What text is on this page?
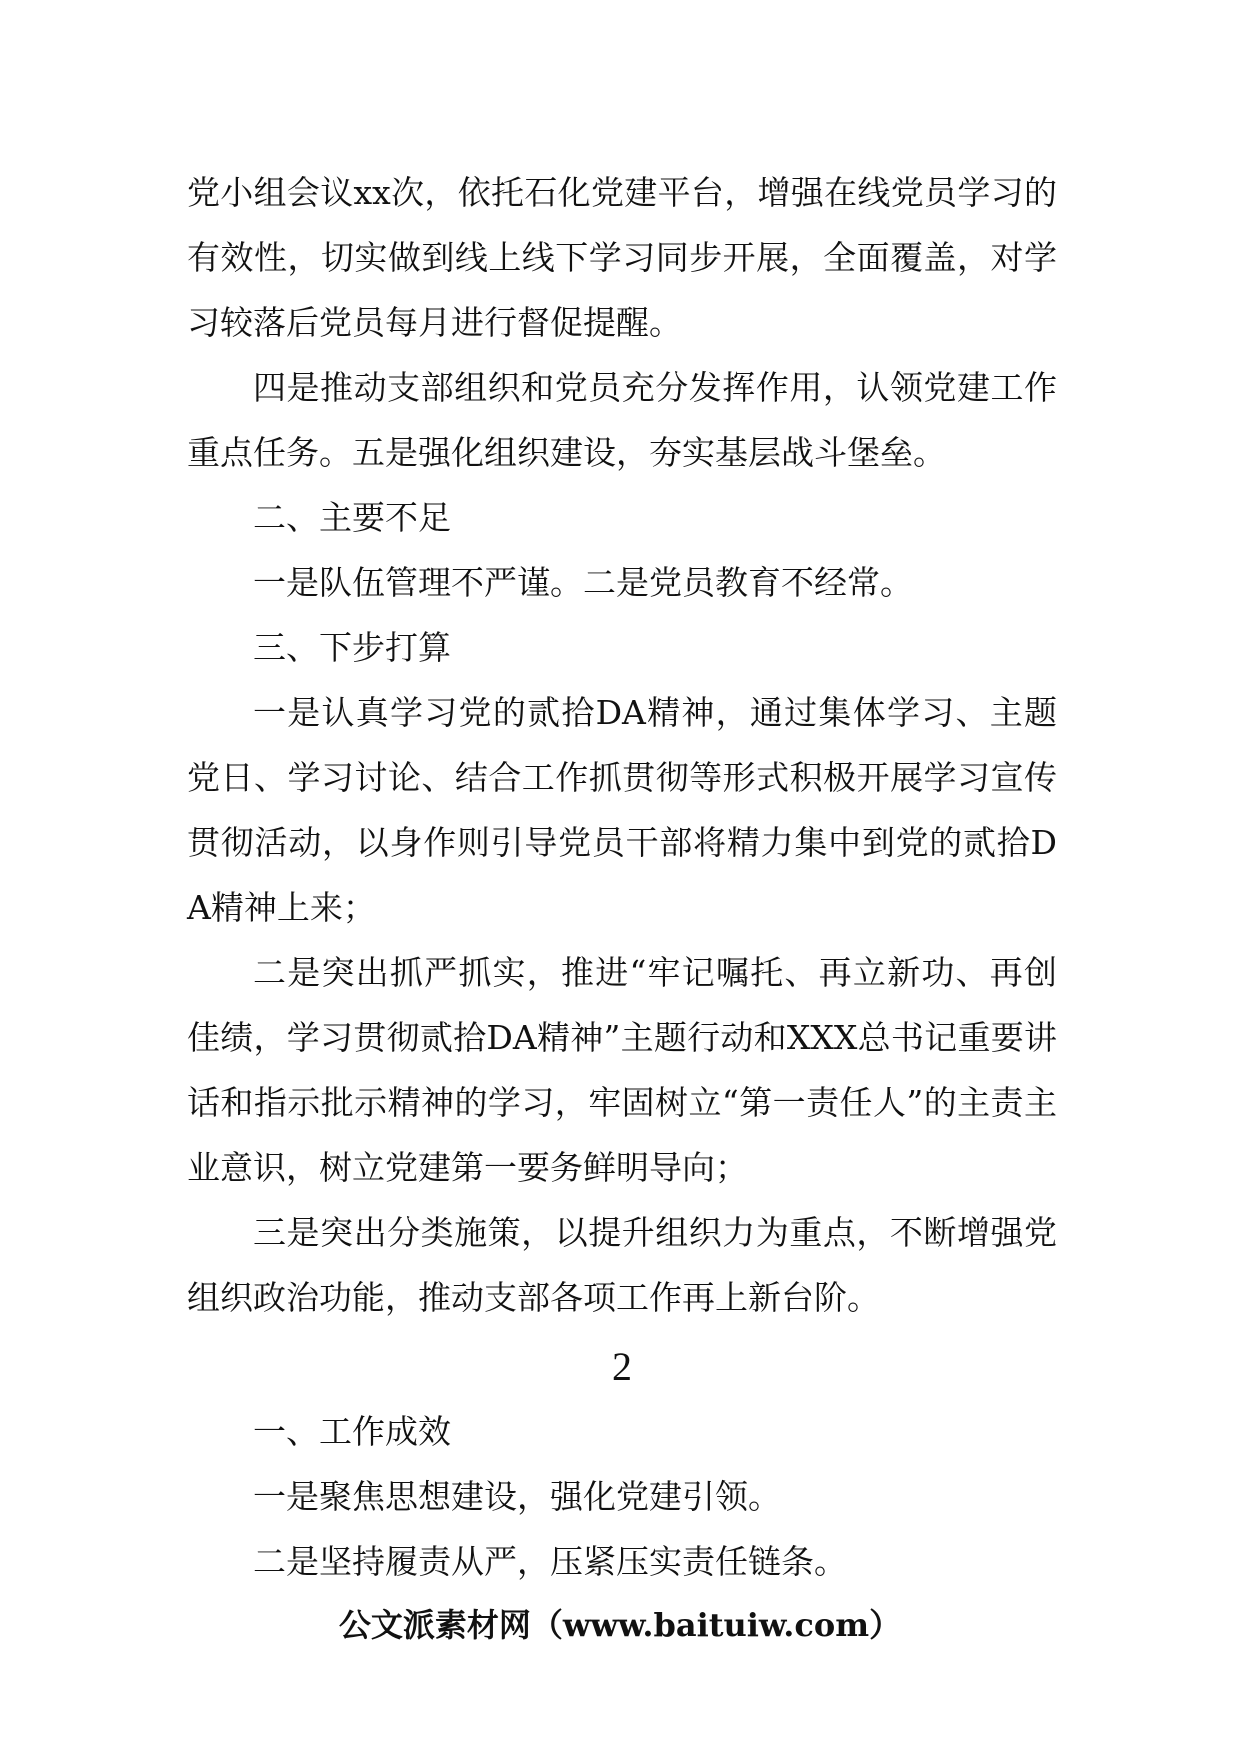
党小组会议xx次，依托石化党建平台，增强在线党员学习的有效性，切实做到线上线下学习同步开展，全面覆盖，对学习较落后党员每月进行督促提醒。

四是推动支部组织和党员充分发挥作用，认领党建工作重点任务。五是强化组织建设，夯实基层战斗堡垒。

二、主要不足

一是队伍管理不严谨。二是党员教育不经常。

三、下步打算

一是认真学习党的贰拾DA精神，通过集体学习、主题党日、学习讨论、结合工作抓贯彻等形式积极开展学习宣传贯彻活动，以身作则引导党员干部将精力集中到党的贰拾DA精神上来；

二是突出抓严抓实，推进“牢记嘱托、再立新功、再创佳绩，学习贯彻贰拾DA精神”主题行动和XXX总书记重要讲话和指示批示精神的学习，牢固树立“第一责任人”的主责主业意识，树立党建第一要务鲜明导向；

三是突出分类施策，以提升组织力为重点，不断增强党组织政治功能，推动支部各项工作再上新台阶。

2

一、工作成效

一是聚焦思想建设，强化党建引领。

二是坚持履责从严，压紧压实责任链条。

公文派素材网（www.baituiw.com）
